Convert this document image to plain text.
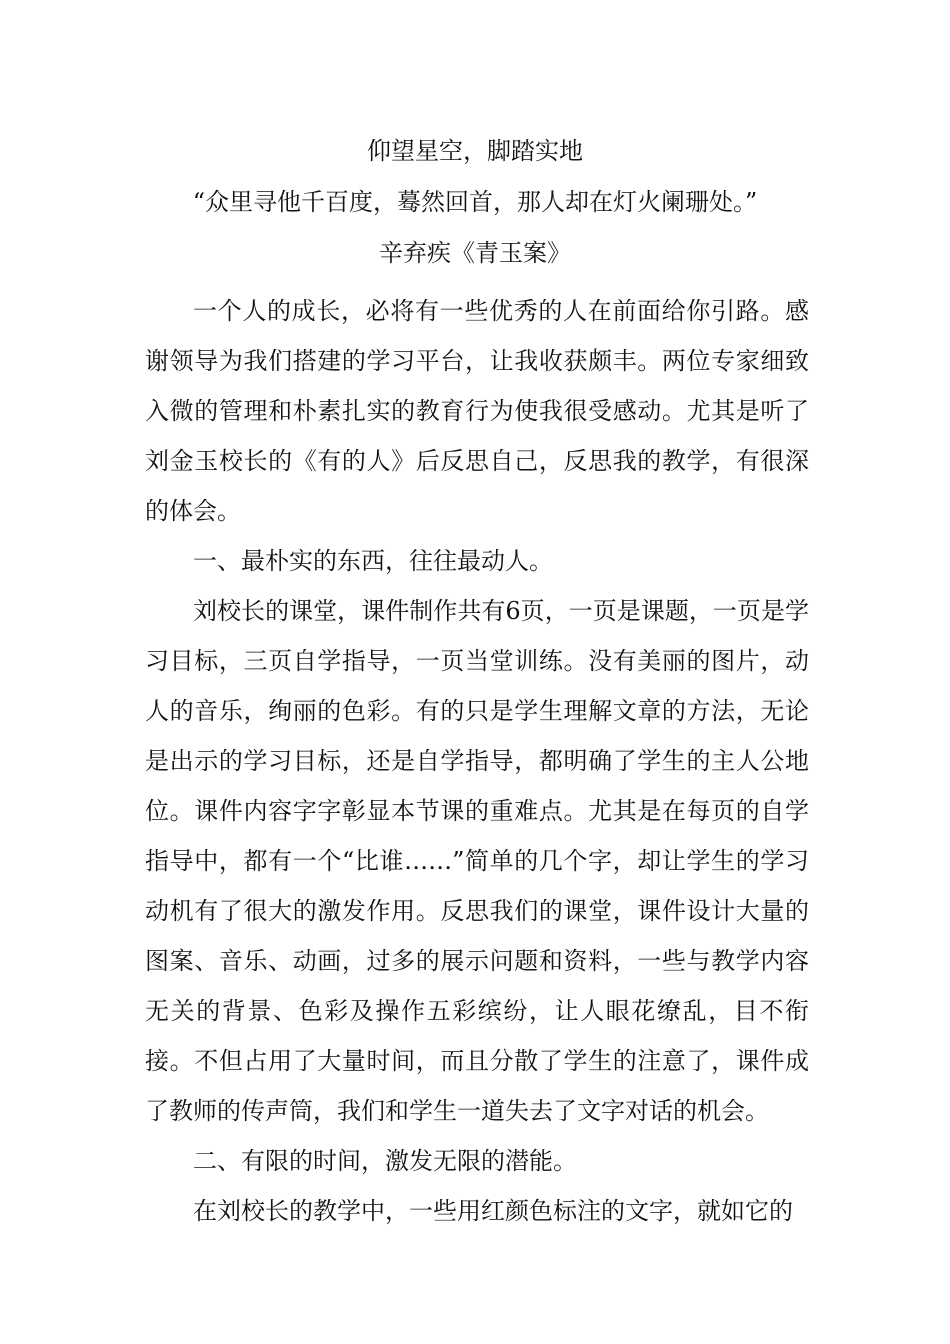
仰望星空，脚踏实地
“众里寻他千百度，蓦然回首，那人却在灯火阑珊处。”
辛弃疾《青玉案》

一个人的成长，必将有一些优秀的人在前面给你引路。感谢领导为我们搭建的学习平台，让我收获颇丰。两位专家细致入微的管理和朴素扎实的教育行为使我很受感动。尤其是听了刘金玉校长的《有的人》后反思自己，反思我的教学，有很深的体会。

一、最朴实的东西，往往最动人。

刘校长的课堂，课件制作共有6页，一页是课题，一页是学习目标，三页自学指导，一页当堂训练。没有美丽的图片，动人的音乐，绚丽的色彩。有的只是学生理解文章的方法，无论是出示的学习目标，还是自学指导，都明确了学生的主人公地位。课件内容字字彰显本节课的重难点。尤其是在每页的自学指导中，都有一个“比谁……”简单的几个字，却让学生的学习动机有了很大的激发作用。反思我们的课堂，课件设计大量的图案、音乐、动画，过多的展示问题和资料，一些与教学内容无关的背景、色彩及操作五彩缤纷，让人眼花缭乱，目不衔接。不但占用了大量时间，而且分散了学生的注意了，课件成了教师的传声筒，我们和学生一道失去了文字对话的机会。

二、有限的时间，激发无限的潜能。

在刘校长的教学中，一些用红颜色标注的文字，就如它的
